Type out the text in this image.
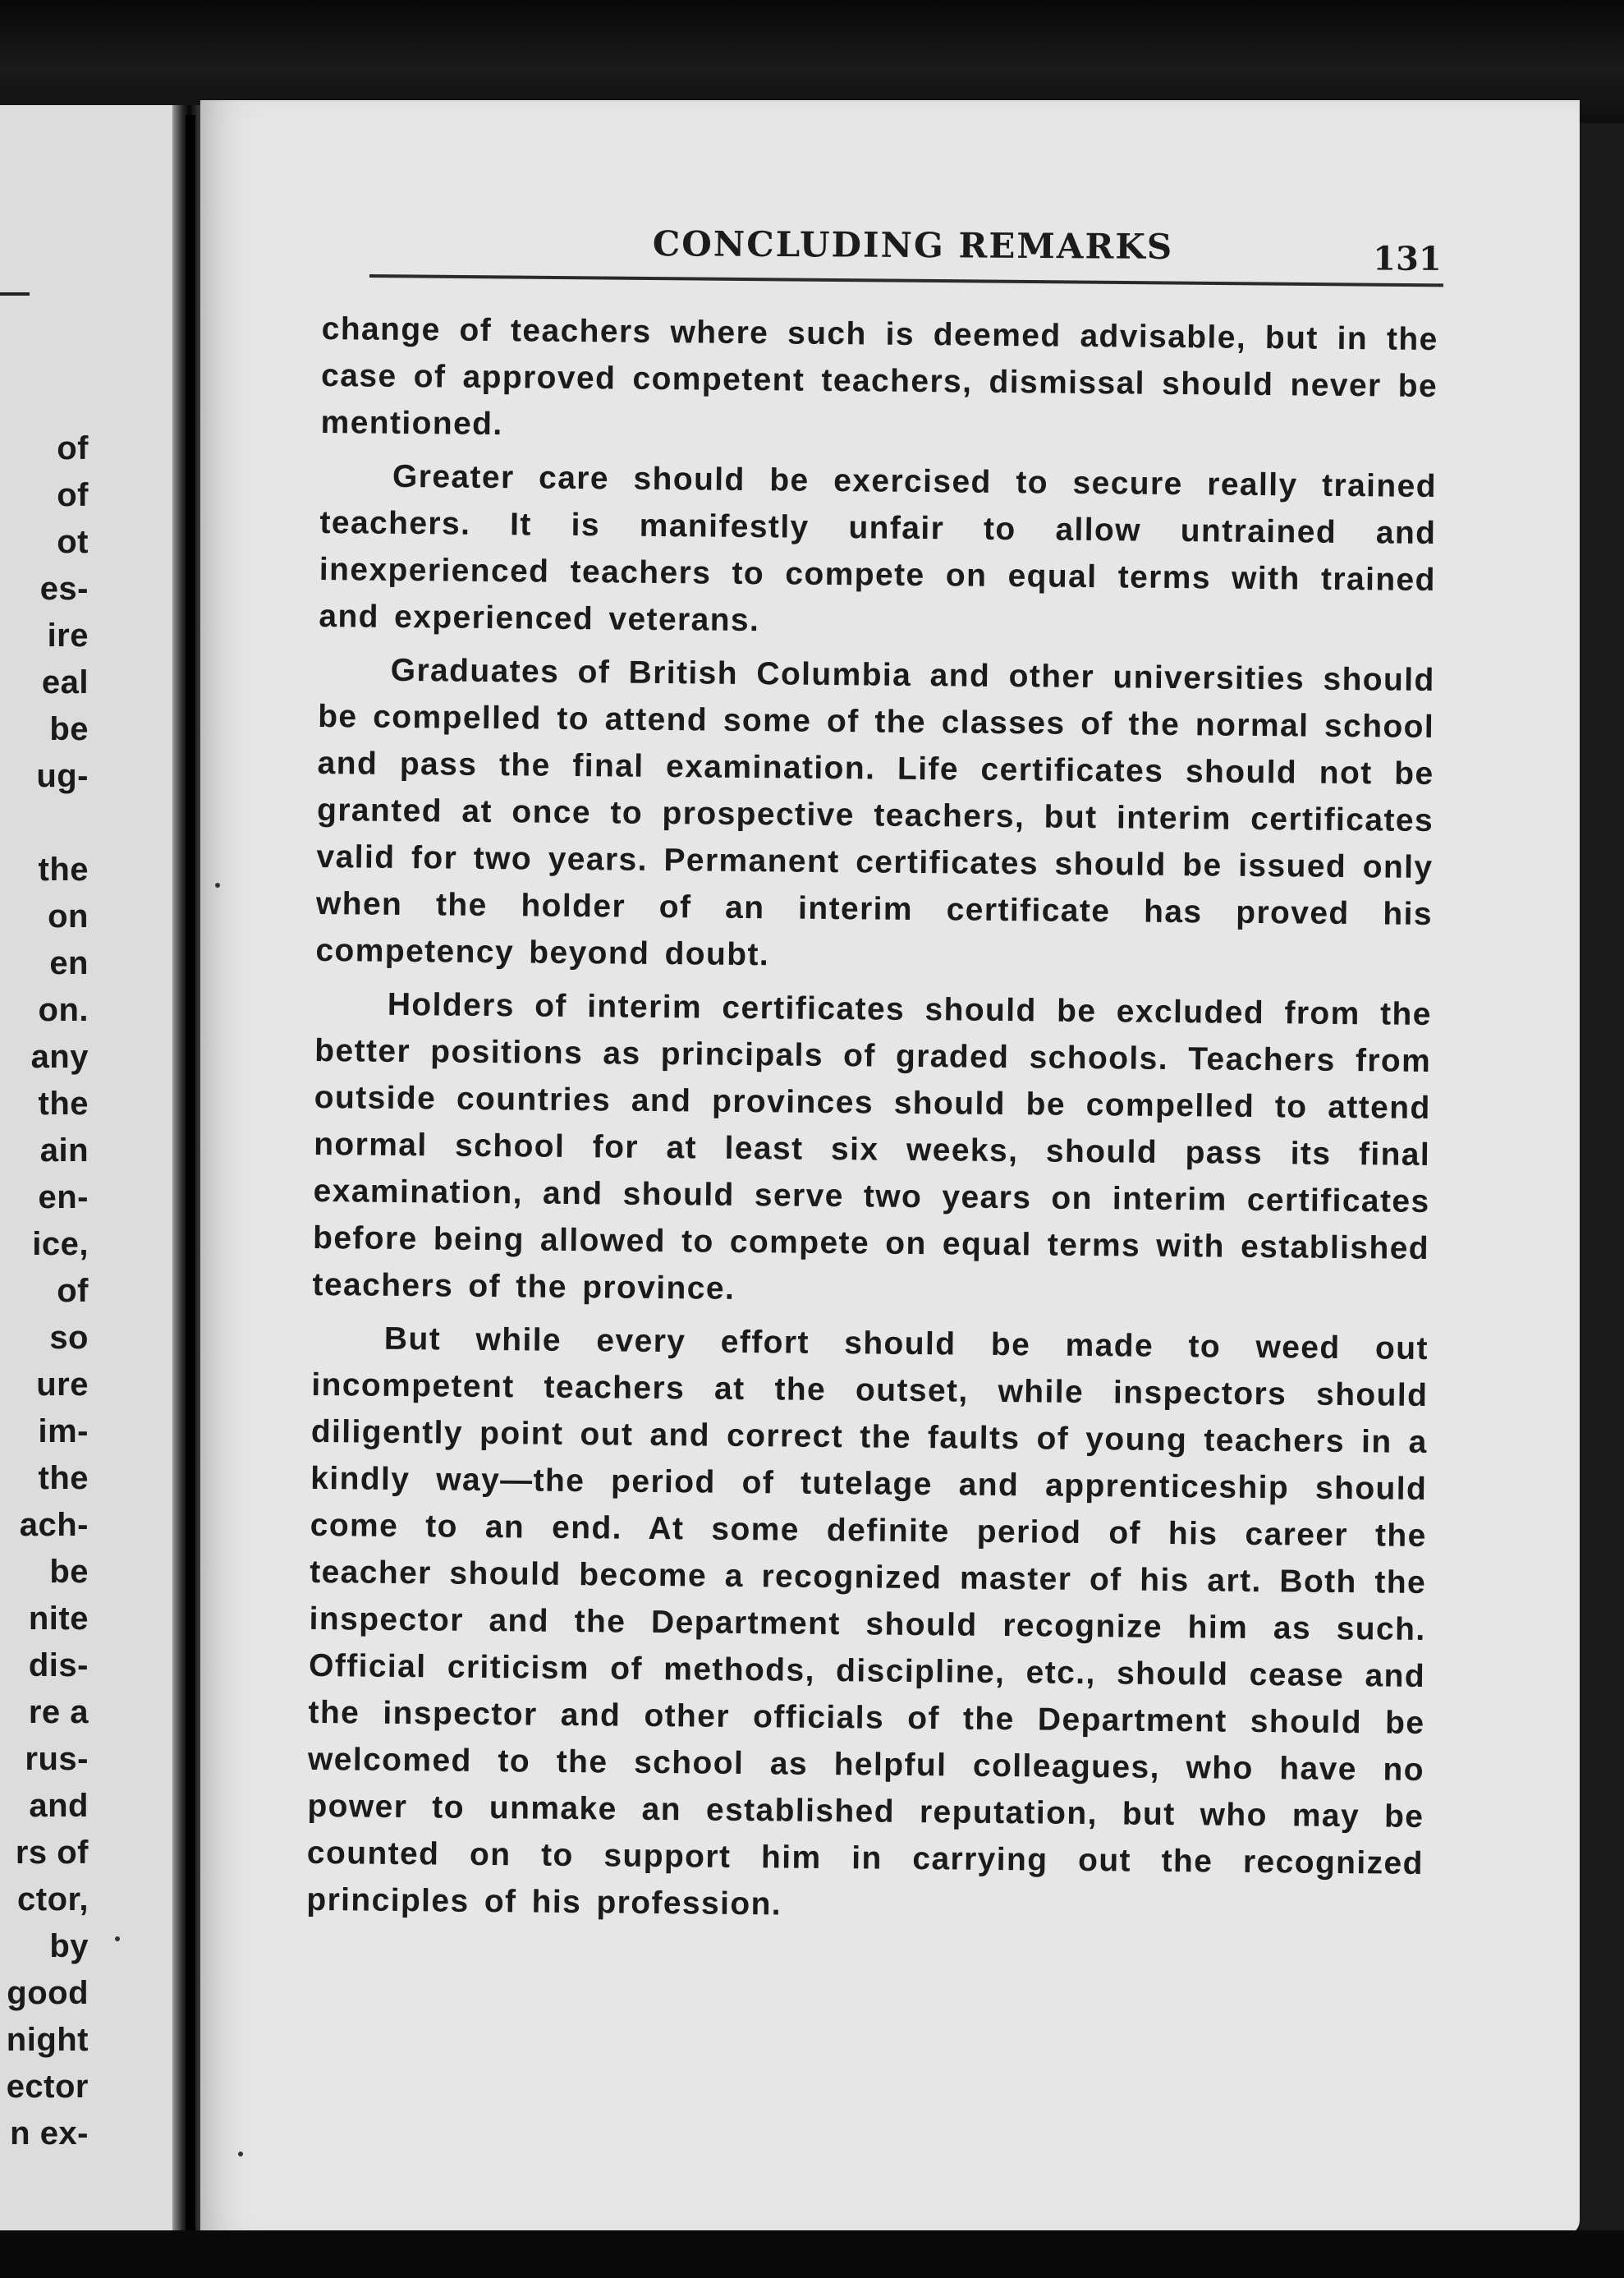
of
of
ot
es-
ire
eal
be
ug-
the
on
en
on.
any
the
ain
en-
ice,
of
so
ure
im-
the
ach-
be
nite
dis-
re a
rus-
and
rs of
ctor,
by
good
night
ector
n ex-
CONCLUDING REMARKS	131

change of teachers where such is deemed advisable, but in the case of approved competent teachers, dismissal should never be mentioned.

Greater care should be exercised to secure really trained teachers. It is manifestly unfair to allow untrained and inexperienced teachers to compete on equal terms with trained and experienced veterans.

Graduates of British Columbia and other universities should be compelled to attend some of the classes of the normal school and pass the final examination. Life certificates should not be granted at once to prospective teachers, but interim certificates valid for two years. Permanent certificates should be issued only when the holder of an interim certificate has proved his competency beyond doubt.

Holders of interim certificates should be excluded from the better positions as principals of graded schools. Teachers from outside countries and provinces should be compelled to attend normal school for at least six weeks, should pass its final examination, and should serve two years on interim certificates before being allowed to compete on equal terms with established teachers of the province.

But while every effort should be made to weed out incompetent teachers at the outset, while inspectors should diligently point out and correct the faults of young teachers in a kindly way—the period of tutelage and apprenticeship should come to an end. At some definite period of his career the teacher should become a recognized master of his art. Both the inspector and the Department should recognize him as such. Official criticism of methods, discipline, etc., should cease and the inspector and other officials of the Department should be welcomed to the school as helpful colleagues, who have no power to unmake an established reputation, but who may be counted on to support him in carrying out the recognized principles of his profession.
